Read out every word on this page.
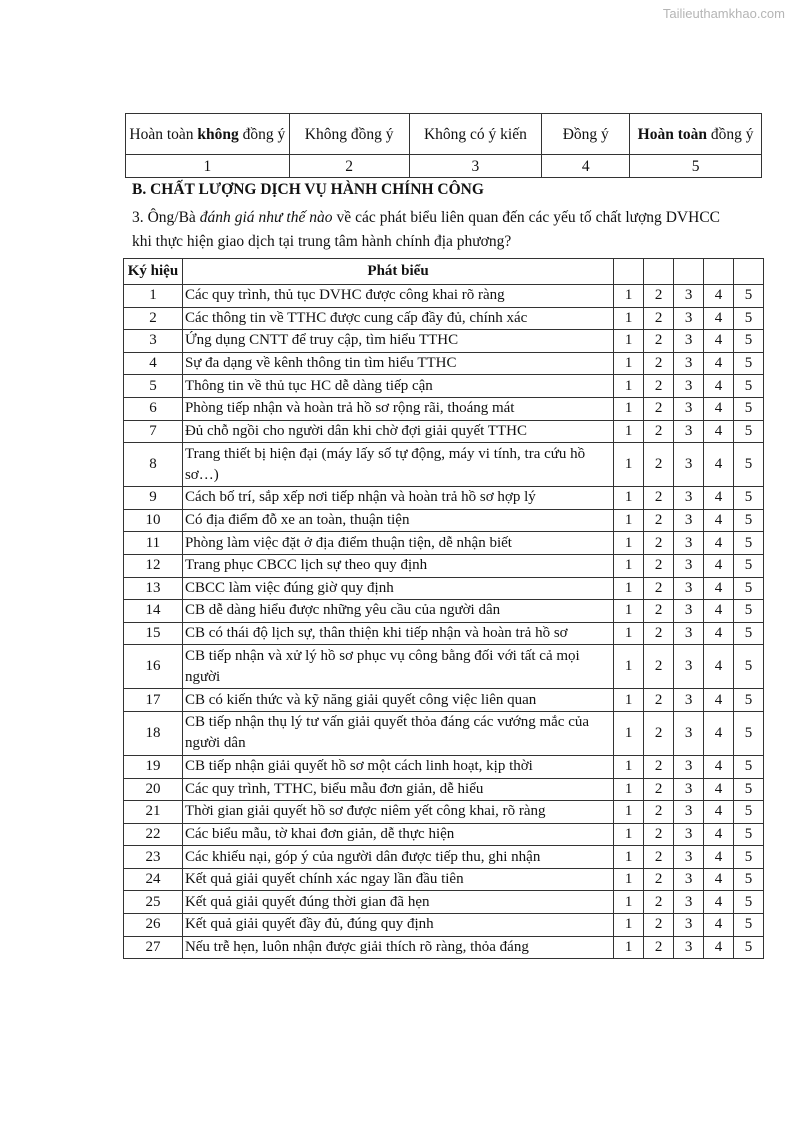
Tailieuthamkhao.com
Hoàn toàn không đồng ý	Không đồng ý	Không có ý kiến	Đồng ý	Hoàn toàn đồng ý
1	2	3	4	5
B. CHẤT LƯỢNG DỊCH VỤ HÀNH CHÍNH CÔNG
3. Ông/Bà đánh giá như thế nào về các phát biểu liên quan đến các yếu tố chất lượng DVHCC khi thực hiện giao dịch tại trung tâm hành chính địa phương?
Ký hiệu	Phát biểu					
1	Các quy trình, thủ tục DVHC được công khai rõ ràng	1	2	3	4	5
2	Các thông tin về TTHC được cung cấp đầy đủ, chính xác	1	2	3	4	5
3	Ứng dụng CNTT để truy cập, tìm hiểu TTHC	1	2	3	4	5
4	Sự đa dạng về kênh thông tin tìm hiểu TTHC	1	2	3	4	5
5	Thông tin về thủ tục HC dễ dàng tiếp cận	1	2	3	4	5
6	Phòng tiếp nhận và hoàn trả hồ sơ rộng rãi, thoáng mát	1	2	3	4	5
7	Đủ chỗ ngồi cho người dân khi chờ đợi giải quyết TTHC	1	2	3	4	5
8	Trang thiết bị hiện đại (máy lấy số tự động, máy vi tính, tra cứu hồ sơ…)	1	2	3	4	5
9	Cách bố trí, sắp xếp nơi tiếp nhận và hoàn trả hồ sơ hợp lý	1	2	3	4	5
10	Có địa điểm đỗ xe an toàn, thuận tiện	1	2	3	4	5
11	Phòng làm việc đặt ở địa điểm thuận tiện, dễ nhận biết	1	2	3	4	5
12	Trang phục CBCC lịch sự theo quy định	1	2	3	4	5
13	CBCC làm việc đúng giờ quy định	1	2	3	4	5
14	CB dễ dàng hiểu được những yêu cầu của người dân	1	2	3	4	5
15	CB có thái độ lịch sự, thân thiện khi tiếp nhận và hoàn trả hồ sơ	1	2	3	4	5
16	CB tiếp nhận và xử lý hồ sơ phục vụ công bằng đối với tất cả mọi người	1	2	3	4	5
17	CB có kiến thức và kỹ năng giải quyết công việc liên quan	1	2	3	4	5
18	CB tiếp nhận thụ lý tư vấn giải quyết thỏa đáng các vướng mắc của người dân	1	2	3	4	5
19	CB tiếp nhận giải quyết hồ sơ một cách linh hoạt, kịp thời	1	2	3	4	5
20	Các quy trình, TTHC, biểu mẫu đơn giản, dễ hiểu	1	2	3	4	5
21	Thời gian giải quyết hồ sơ được niêm yết công khai, rõ ràng	1	2	3	4	5
22	Các biểu mẫu, tờ khai đơn giản, dễ thực hiện	1	2	3	4	5
23	Các khiếu nại, góp ý của người dân được tiếp thu, ghi nhận	1	2	3	4	5
24	Kết quả giải quyết chính xác ngay lần đầu tiên	1	2	3	4	5
25	Kết quả giải quyết đúng thời gian đã hẹn	1	2	3	4	5
26	Kết quả giải quyết đầy đủ, đúng quy định	1	2	3	4	5
27	Nếu trễ hẹn, luôn nhận được giải thích rõ ràng, thỏa đáng	1	2	3	4	5
